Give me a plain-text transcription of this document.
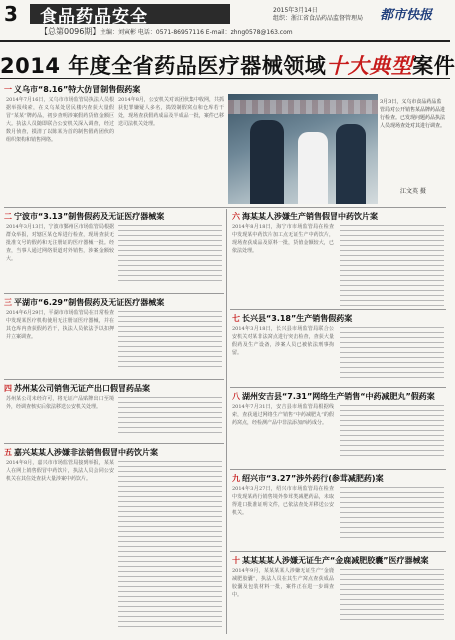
3 食品药品安全
【总第0096期】 主编：刘寅彬 电话：0571-86957116 E-mail：zhng0578@163.com
2015年3月14日
组织：浙江省食品药品监督管理局 都市快报
2014 年度全省药品医疗器械领域十大典型案件
一 义乌市“8.16”特大仿冒制售假药案
2014年7月16日，义乌市市场监管局执法人员根据举报线索，在义乌某处居民楼内查获大量假冒“某某”牌药品，初步查明涉案假药货值金额巨大。执法人员随即联合公安机关深入调查，经过数月侦查，摸清了以陈某为首的制售假药团伙的组织架构和销售网络。
2014年8月，公安机关对该团伙集中收网，共抓获犯罪嫌疑人多名，捣毁制假窝点和仓库若干处，现场查获假药成品及半成品一批，案件已移送司法机关处理。
3月3日，义乌市食品药品监管局对公开销售某品牌药品进行检查。已发现问题药品执法人员现场查处对其进行调查。
江文英 摄
二 宁波市“3.13”制售假药及无证医疗器械案
2014年3月13日，宁波市鄞州区市场监管局根据群众举报，对辖区某仓库进行检查，现场查获无批准文号的假药和无注册证的医疗器械一批。经查，当事人通过网络渠道对外销售，涉案金额较大。
六 海某某人涉嫌生产销售假冒中药饮片案
2014年8月18日，海宁市市场监管局在检查中发现某中药饮片加工点无证生产中药饮片，现场查获成品及原料一批，货值金额较大，已依法处理。
三 平湖市“6.29”制售假药及无证医疗器械案
2014年6月29日，平湖市市场监管局在日常检查中发现某医疗机构使用无注册证医疗器械，并在其仓库内查获假药若干，执法人员依法予以扣押并立案调查。
七 长兴县“3.18”生产销售假药案
2014年3月18日，长兴县市场监管局联合公安机关对某非法窝点进行突击检查，查获大量假药及生产设备，涉案人员已被依法刑事拘留。
四 苏州某公司销售无证产出口假冒药品案
苏州某公司未经许可，将无证产品贴牌出口至境外，经调查核实后依法移送公安机关处理。
八 湖州安吉县“7.31”网络生产销售“中药减肥丸”假药案
2014年7月31日，安吉县市场监管局根据线索，查获通过网络生产销售“中药减肥丸”的假药窝点，经检测产品中非法添加西药成分。
五 嘉兴某某人涉嫌非法销售假冒中药饮片案
2014年8月，嘉兴市市场监管局接到举报，某某人在网上销售假冒中药饮片，执法人员会同公安机关在其住处查获大量涉案中药饮片。	九 绍兴市“3.27”涉外药行(参茸减肥药)案
2014年3月27日，绍兴市市场监管局在检查中发现某药行销售境外参茸类减肥药品，未取得进口批准证明文件，已依法查处并移送公安机关。
十 某某某某人涉嫌无证生产“金鹿减肥胶囊”医疗器械案
2014年9月，某某某某人涉嫌无证生产“金鹿减肥胶囊”，执法人员在其生产窝点查获成品胶囊及包装材料一批，案件正在进一步调查中。
